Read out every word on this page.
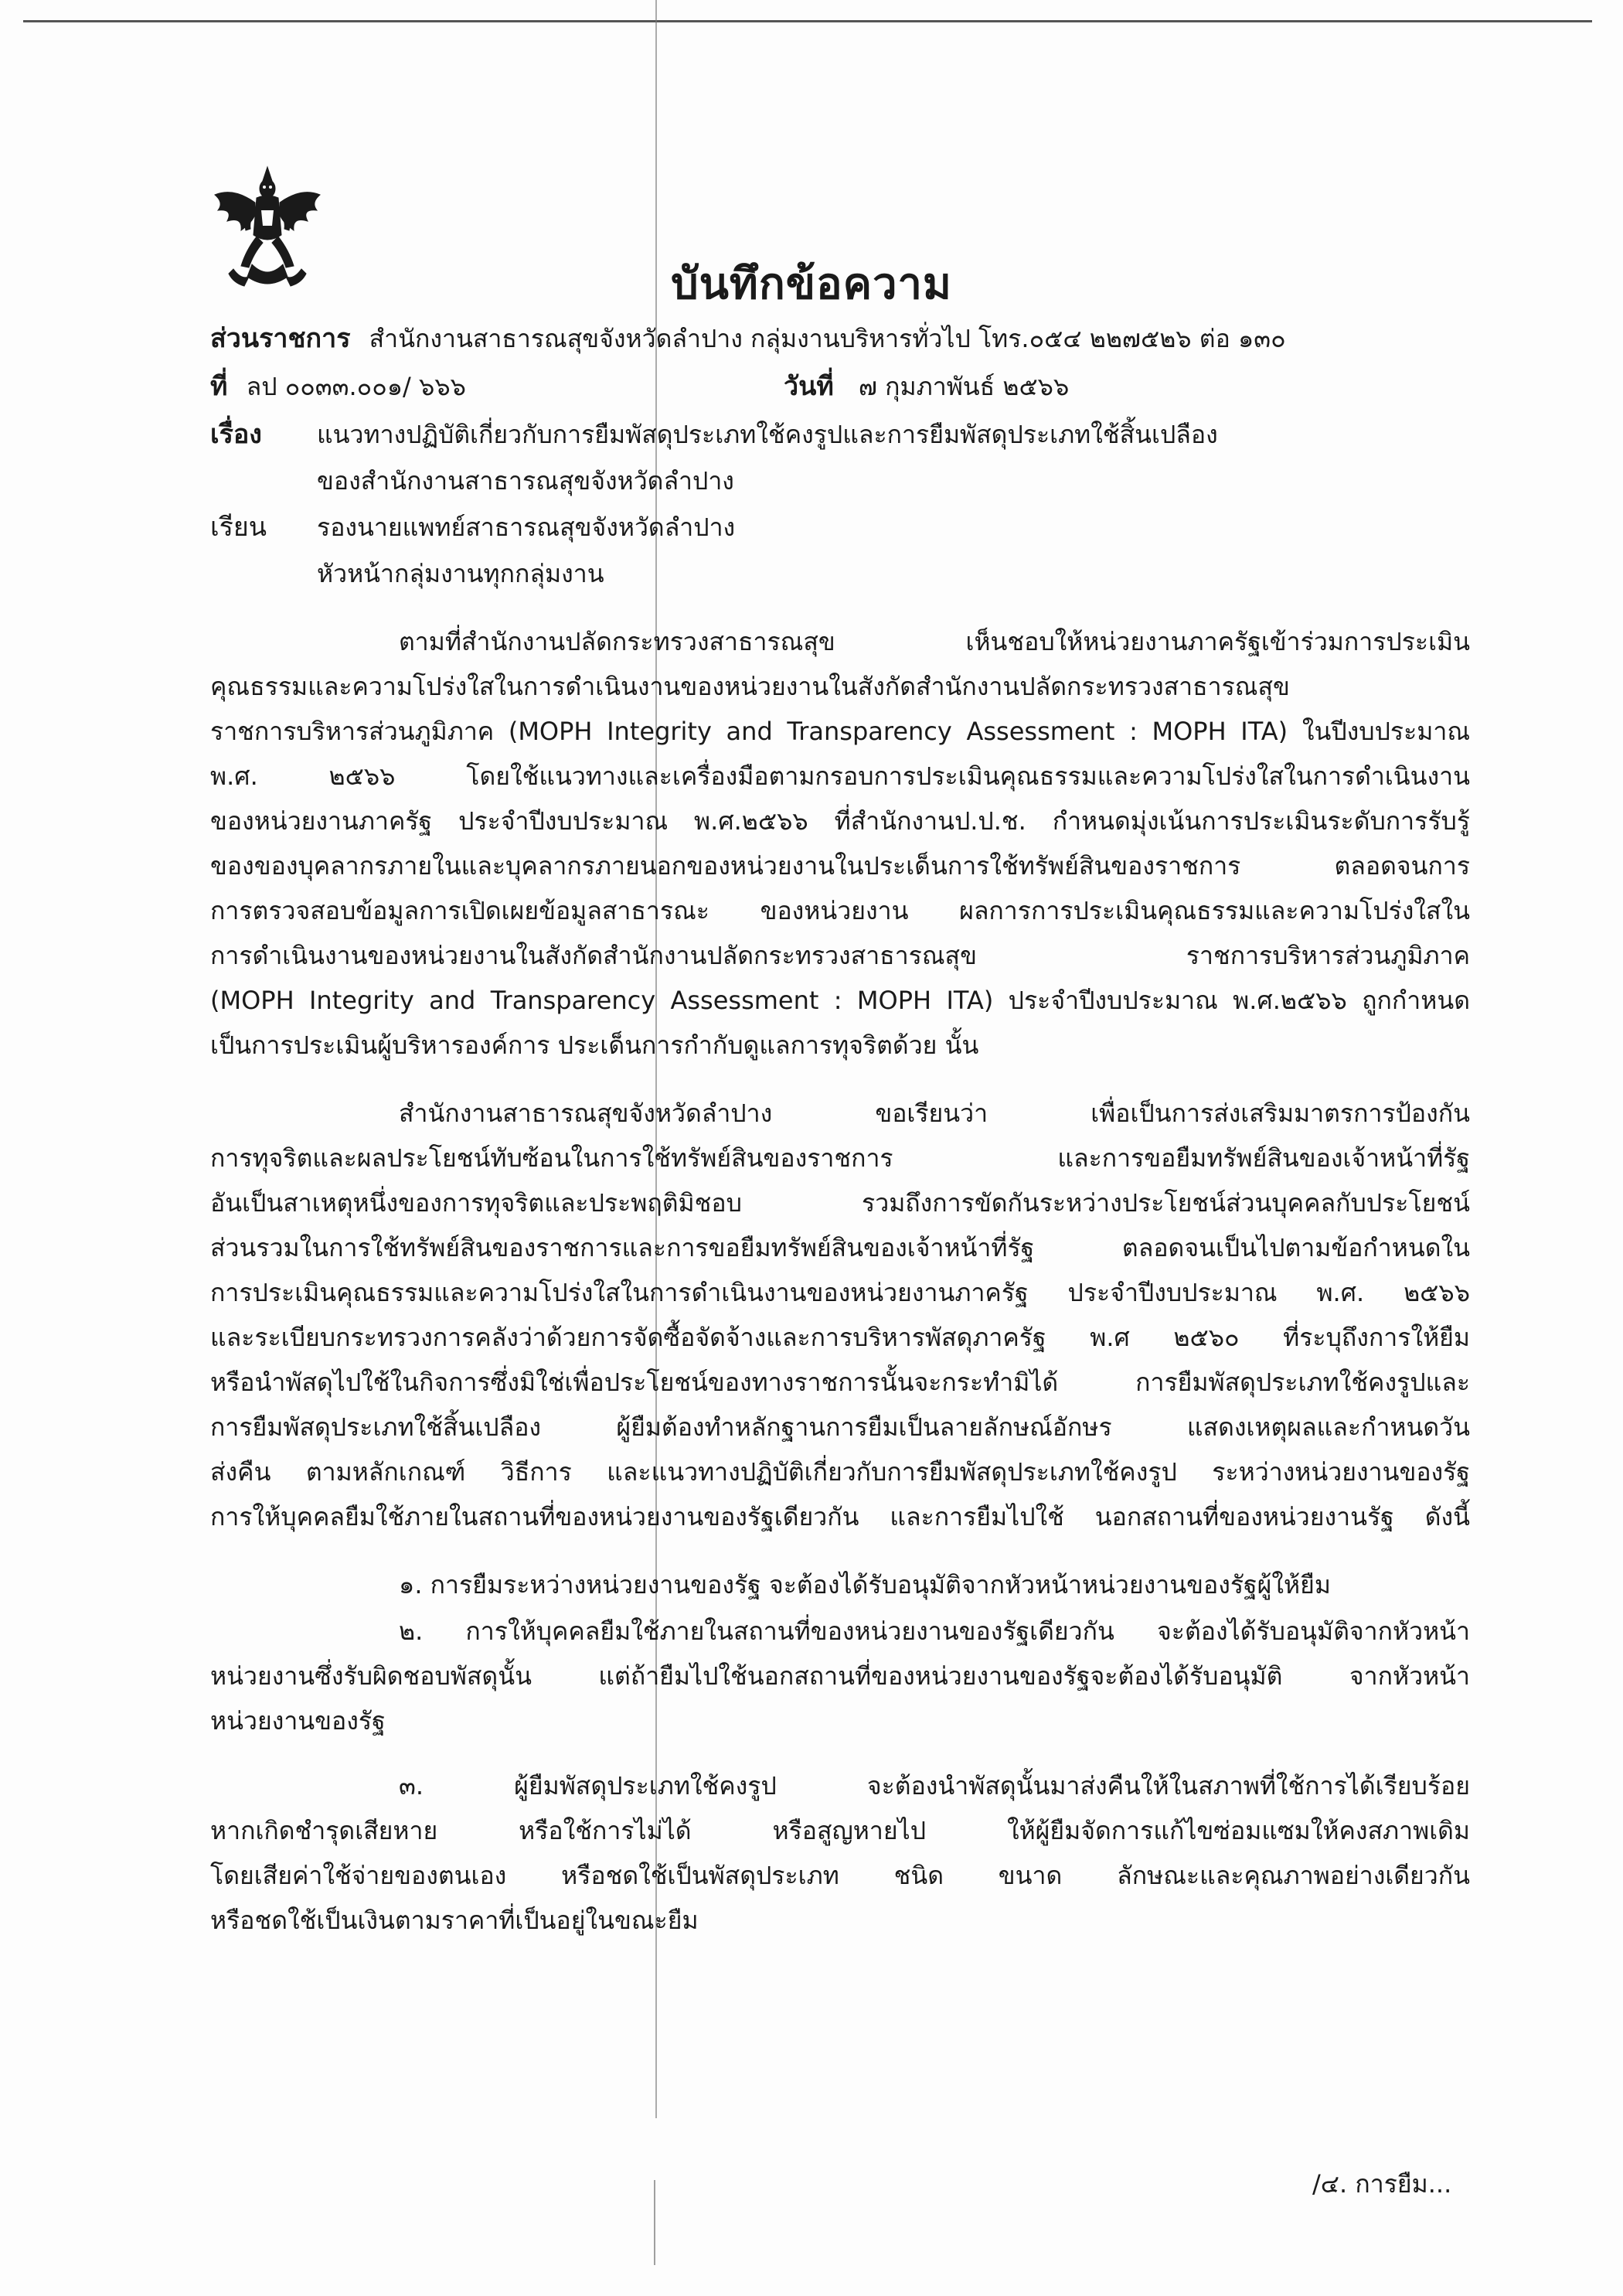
บันทึกข้อความ
ส่วนราชการ สำนักงานสาธารณสุขจังหวัดลำปาง กลุ่มงานบริหารทั่วไป โทร.๐๕๔ ๒๒๗๕๒๖ ต่อ ๑๓๐
ที่ ลป ๐๐๓๓.๐๐๑/ ๖๖๖	วันที่ ๗ กุมภาพันธ์ ๒๕๖๖
เรื่อง แนวทางปฏิบัติเกี่ยวกับการยืมพัสดุประเภทใช้คงรูปและการยืมพัสดุประเภทใช้สิ้นเปลือง
ของสำนักงานสาธารณสุขจังหวัดลำปาง
เรียน รองนายแพทย์สาธารณสุขจังหวัดลำปาง
หัวหน้ากลุ่มงานทุกกลุ่มงาน
ตามที่สำนักงานปลัดกระทรวงสาธารณสุข เห็นชอบให้หน่วยงานภาครัฐเข้าร่วมการประเมิน
คุณธรรมและความโปร่งใสในการดำเนินงานของหน่วยงานในสังกัดสำนักงานปลัดกระทรวงสาธารณสุข
ราชการบริหารส่วนภูมิภาค (MOPH Integrity and Transparency Assessment : MOPH ITA) ในปีงบประมาณ
พ.ศ. ๒๕๖๖ โดยใช้แนวทางและเครื่องมือตามกรอบการประเมินคุณธรรมและความโปร่งใสในการดำเนินงาน
ของหน่วยงานภาครัฐ ประจำปีงบประมาณ พ.ศ.๒๕๖๖ ที่สำนักงานป.ป.ช. กำหนดมุ่งเน้นการประเมินระดับการรับรู้
ของของบุคลากรภายในและบุคลากรภายนอกของหน่วยงานในประเด็นการใช้ทรัพย์สินของราชการ ตลอดจนการ
การตรวจสอบข้อมูลการเปิดเผยข้อมูลสาธารณะ ของหน่วยงาน ผลการการประเมินคุณธรรมและความโปร่งใสใน
การดำเนินงานของหน่วยงานในสังกัดสำนักงานปลัดกระทรวงสาธารณสุข ราชการบริหารส่วนภูมิภาค
(MOPH Integrity and Transparency Assessment : MOPH ITA) ประจำปีงบประมาณ พ.ศ.๒๕๖๖ ถูกกำหนด
เป็นการประเมินผู้บริหารองค์การ ประเด็นการกำกับดูแลการทุจริตด้วย นั้น
สำนักงานสาธารณสุขจังหวัดลำปาง ขอเรียนว่า เพื่อเป็นการส่งเสริมมาตรการป้องกัน
การทุจริตและผลประโยชน์ทับซ้อนในการใช้ทรัพย์สินของราชการ และการขอยืมทรัพย์สินของเจ้าหน้าที่รัฐ
อันเป็นสาเหตุหนึ่งของการทุจริตและประพฤติมิชอบ รวมถึงการขัดกันระหว่างประโยชน์ส่วนบุคคลกับประโยชน์
ส่วนรวมในการใช้ทรัพย์สินของราชการและการขอยืมทรัพย์สินของเจ้าหน้าที่รัฐ ตลอดจนเป็นไปตามข้อกำหนดใน
การประเมินคุณธรรมและความโปร่งใสในการดำเนินงานของหน่วยงานภาครัฐ ประจำปีงบประมาณ พ.ศ. ๒๕๖๖
และระเบียบกระทรวงการคลังว่าด้วยการจัดซื้อจัดจ้างและการบริหารพัสดุภาครัฐ พ.ศ ๒๕๖๐ ที่ระบุถึงการให้ยืม
หรือนำพัสดุไปใช้ในกิจการซึ่งมิใช่เพื่อประโยชน์ของทางราชการนั้นจะกระทำมิได้ การยืมพัสดุประเภทใช้คงรูปและ
การยืมพัสดุประเภทใช้สิ้นเปลือง ผู้ยืมต้องทำหลักฐานการยืมเป็นลายลักษณ์อักษร แสดงเหตุผลและกำหนดวัน
ส่งคืน ตามหลักเกณฑ์ วิธีการ และแนวทางปฏิบัติเกี่ยวกับการยืมพัสดุประเภทใช้คงรูป ระหว่างหน่วยงานของรัฐ
การให้บุคคลยืมใช้ภายในสถานที่ของหน่วยงานของรัฐเดียวกัน และการยืมไปใช้ นอกสถานที่ของหน่วยงานรัฐ ดังนี้
๑. การยืมระหว่างหน่วยงานของรัฐ จะต้องได้รับอนุมัติจากหัวหน้าหน่วยงานของรัฐผู้ให้ยืม
๒. การให้บุคคลยืมใช้ภายในสถานที่ของหน่วยงานของรัฐเดียวกัน จะต้องได้รับอนุมัติจากหัวหน้า
หน่วยงานซึ่งรับผิดชอบพัสดุนั้น แต่ถ้ายืมไปใช้นอกสถานที่ของหน่วยงานของรัฐจะต้องได้รับอนุมัติ จากหัวหน้า
หน่วยงานของรัฐ
๓. ผู้ยืมพัสดุประเภทใช้คงรูป จะต้องนำพัสดุนั้นมาส่งคืนให้ในสภาพที่ใช้การได้เรียบร้อย
หากเกิดชำรุดเสียหาย หรือใช้การไม่ได้ หรือสูญหายไป ให้ผู้ยืมจัดการแก้ไขซ่อมแซมให้คงสภาพเดิม
โดยเสียค่าใช้จ่ายของตนเอง หรือชดใช้เป็นพัสดุประเภท ชนิด ขนาด ลักษณะและคุณภาพอย่างเดียวกัน
หรือชดใช้เป็นเงินตามราคาที่เป็นอยู่ในขณะยืม
/๔. การยืม...
